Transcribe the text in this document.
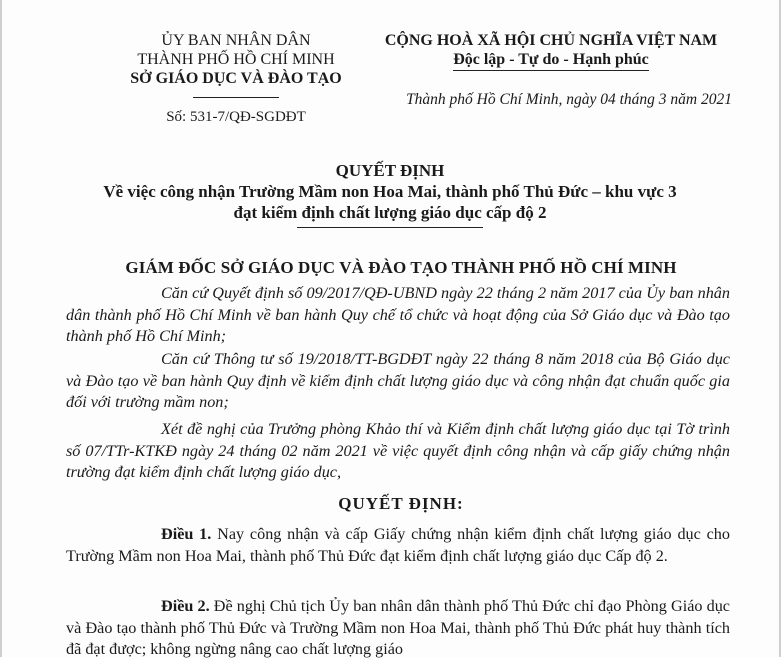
ỦY BAN NHÂN DÂN
THÀNH PHỐ HỒ CHÍ MINH
SỞ GIÁO DỤC VÀ ĐÀO TẠO
Số: 531-7/QĐ-SGDĐT
CỘNG HOÀ XÃ HỘI CHỦ NGHĨA VIỆT NAM
Độc lập - Tự do - Hạnh phúc
Thành phố Hồ Chí Minh, ngày 04 tháng 3 năm 2021
QUYẾT ĐỊNH
Về việc công nhận Trường Mầm non Hoa Mai, thành phố Thủ Đức – khu vực 3
đạt kiểm định chất lượng giáo dục cấp độ 2
GIÁM ĐỐC SỞ GIÁO DỤC VÀ ĐÀO TẠO THÀNH PHỐ HỒ CHÍ MINH
Căn cứ Quyết định số 09/2017/QĐ-UBND ngày 22 tháng 2 năm 2017 của Ủy ban nhân dân thành phố Hồ Chí Minh về ban hành Quy chế tổ chức và hoạt động của Sở Giáo dục và Đào tạo thành phố Hồ Chí Minh;
Căn cứ Thông tư số 19/2018/TT-BGDĐT ngày 22 tháng 8 năm 2018 của Bộ Giáo dục và Đào tạo về ban hành Quy định về kiểm định chất lượng giáo dục và công nhận đạt chuẩn quốc gia đối với trường mầm non;
Xét đề nghị của Trưởng phòng Khảo thí và Kiểm định chất lượng giáo dục tại Tờ trình số 07/TTr-KTKĐ ngày 24 tháng 02 năm 2021 về việc quyết định công nhận và cấp giấy chứng nhận trường đạt kiểm định chất lượng giáo dục,
QUYẾT ĐỊNH:
Điều 1. Nay công nhận và cấp Giấy chứng nhận kiểm định chất lượng giáo dục cho Trường Mầm non Hoa Mai, thành phố Thủ Đức đạt kiểm định chất lượng giáo dục Cấp độ 2.
Điều 2. Đề nghị Chủ tịch Ủy ban nhân dân thành phố Thủ Đức chỉ đạo Phòng Giáo dục và Đào tạo thành phố Thủ Đức và Trường Mầm non Hoa Mai, thành phố Thủ Đức phát huy thành tích đã đạt được; không ngừng nâng cao chất lượng giáo
